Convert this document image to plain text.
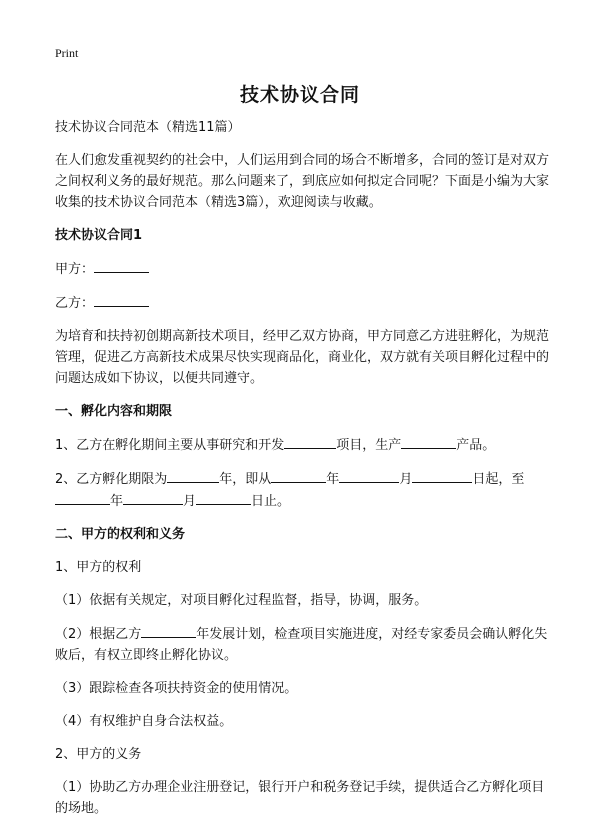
Print
技术协议合同

技术协议合同范本（精选11篇）

在人们愈发重视契约的社会中，人们运用到合同的场合不断增多，合同的签订是对双方之间权利义务的最好规范。那么问题来了，到底应如何拟定合同呢？下面是小编为大家收集的技术协议合同范本（精选3篇），欢迎阅读与收藏。

技术协议合同1

甲方：

乙方：

为培育和扶持初创期高新技术项目，经甲乙双方协商，甲方同意乙方进驻孵化，为规范管理，促进乙方高新技术成果尽快实现商品化，商业化，双方就有关项目孵化过程中的问题达成如下协议，以便共同遵守。

一、孵化内容和期限

1、乙方在孵化期间主要从事研究和开发	项目，生产	产品。

2、乙方孵化期限为	年，即从	年	月	日起，至年	月	日止。

二、甲方的权利和义务

1、甲方的权利

（1）依据有关规定，对项目孵化过程监督，指导，协调，服务。

（2）根据乙方	年发展计划，检查项目实施进度，对经专家委员会确认孵化失败后，有权立即终止孵化协议。

（3）跟踪检查各项扶持资金的使用情况。

（4）有权维护自身合法权益。

2、甲方的义务

（1）协助乙方办理企业注册登记，银行开户和税务登记手续，提供适合乙方孵化项目的场地。
